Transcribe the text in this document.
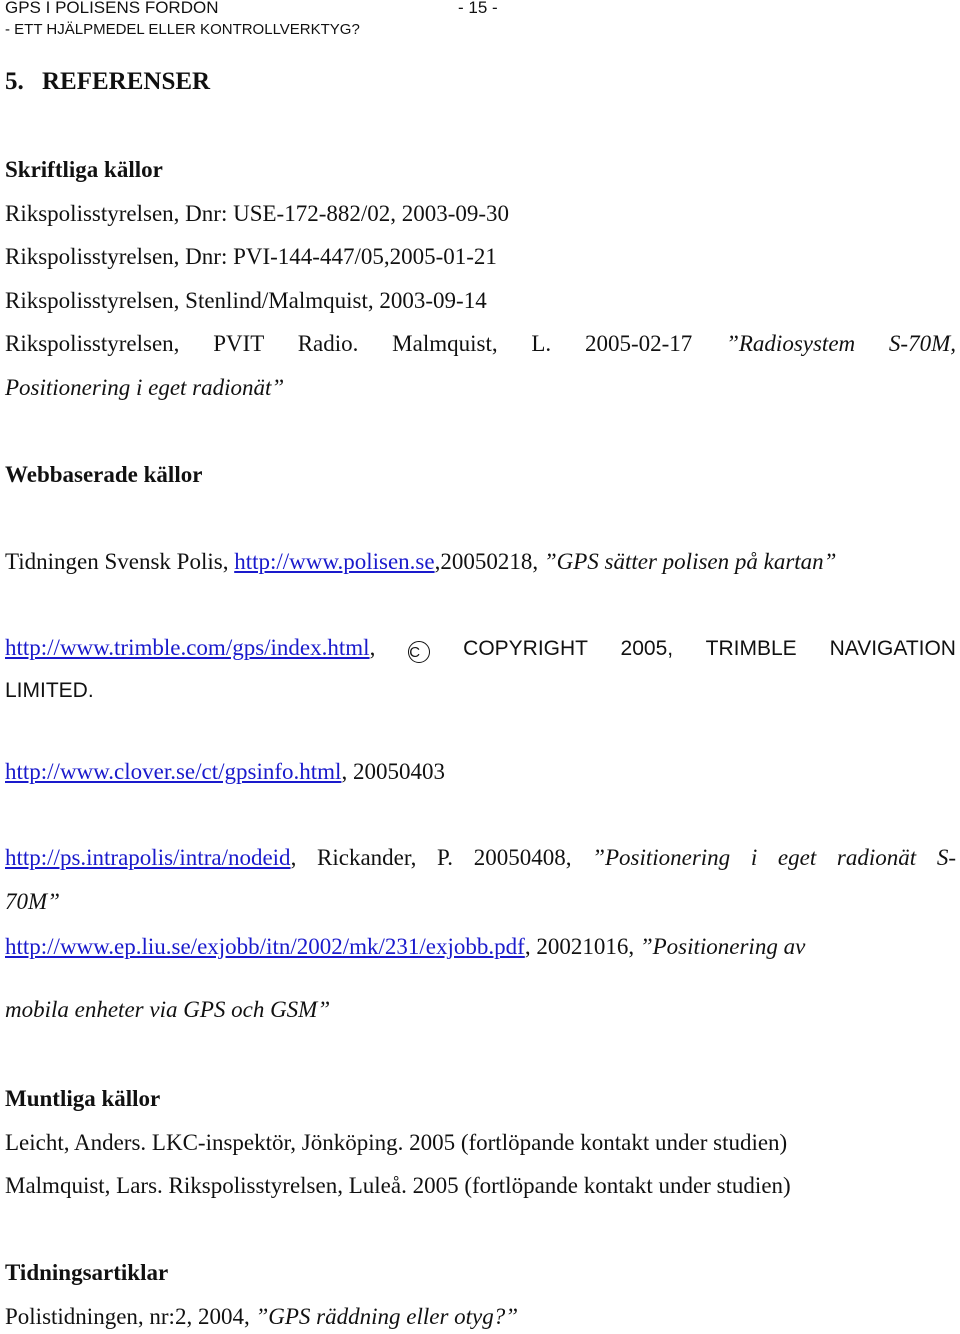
GPS I POLISENS FORDON	- 15 -
- ETT HJÄLPMEDEL ELLER KONTROLLVERKTYG?
5. REFERENSER
Skriftliga källor
Rikspolisstyrelsen, Dnr: USE-172-882/02, 2003-09-30
Rikspolisstyrelsen, Dnr: PVI-144-447/05,2005-01-21
Rikspolisstyrelsen, Stenlind/Malmquist, 2003-09-14
Rikspolisstyrelsen, PVIT Radio. Malmquist, L. 2005-02-17 ”Radiosystem S-70M,
Positionering i eget radionät”
Webbaserade källor
Tidningen Svensk Polis, http://www.polisen.se,20050218, ”GPS sätter polisen på kartan”
http://www.trimble.com/gps/index.html, C COPYRIGHT 2005, TRIMBLE NAVIGATION
LIMITED.
http://www.clover.se/ct/gpsinfo.html, 20050403
http://ps.intrapolis/intra/nodeid, Rickander, P. 20050408, ”Positionering i eget radionät S-
70M”
http://www.ep.liu.se/exjobb/itn/2002/mk/231/exjobb.pdf, 20021016, ”Positionering av
mobila enheter via GPS och GSM”
Muntliga källor
Leicht, Anders. LKC-inspektör, Jönköping. 2005 (fortlöpande kontakt under studien)
Malmquist, Lars. Rikspolisstyrelsen, Luleå. 2005 (fortlöpande kontakt under studien)
Tidningsartiklar
Polistidningen, nr:2, 2004, ”GPS räddning eller otyg?”
